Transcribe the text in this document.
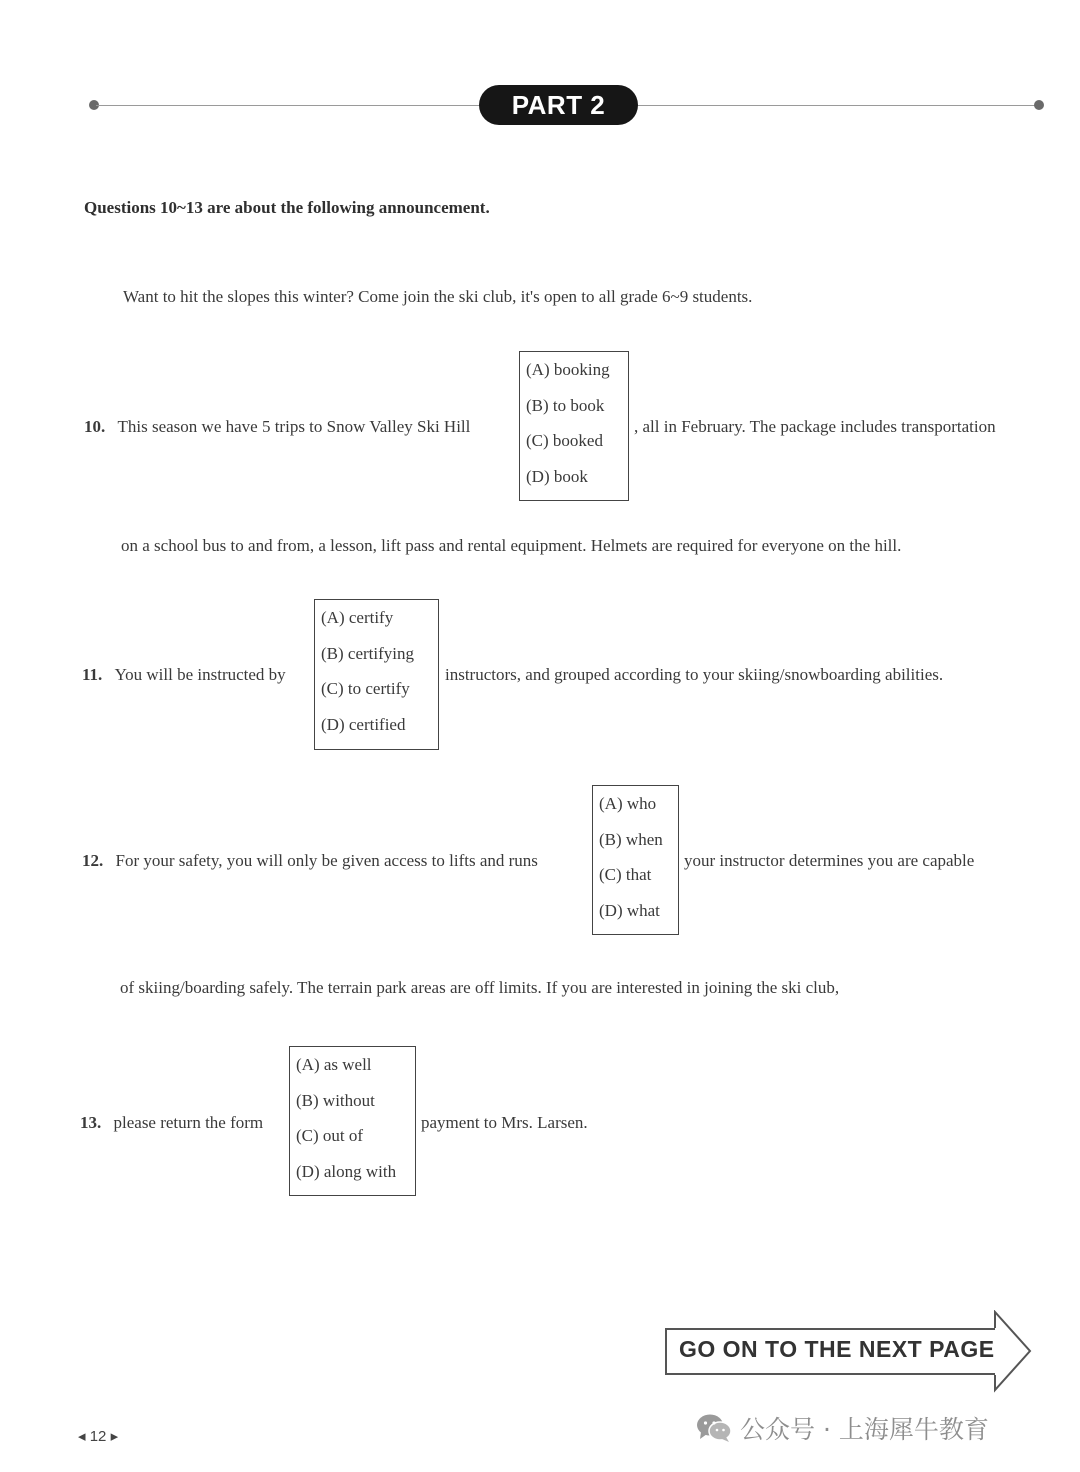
PART 2
Questions 10~13 are about the following announcement.
Want to hit the slopes this winter? Come join the ski club, it's open to all grade 6~9 students.
10. This season we have 5 trips to Snow Valley Ski Hill
(A) booking
(B) to book
(C) booked
(D) book
, all in February. The package includes transportation
on a school bus to and from, a lesson, lift pass and rental equipment. Helmets are required for everyone on the hill.
11. You will be instructed by
(A) certify
(B) certifying
(C) to certify
(D) certified
instructors, and grouped according to your skiing/snowboarding abilities.
12. For your safety, you will only be given access to lifts and runs
(A) who
(B) when
(C) that
(D) what
your instructor determines you are capable
of skiing/boarding safely. The terrain park areas are off limits. If you are interested in joining the ski club,
13. please return the form
(A) as well
(B) without
(C) out of
(D) along with
payment to Mrs. Larsen.
GO ON TO THE NEXT PAGE
◂ 12 ▸	公众号 · 上海犀牛教育
